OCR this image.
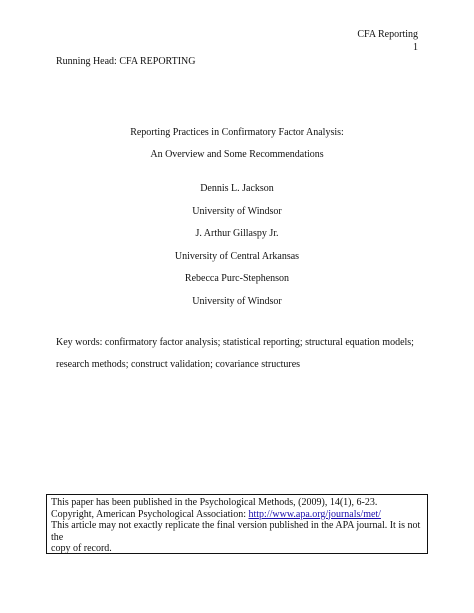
CFA Reporting
1
Running Head: CFA REPORTING
Reporting Practices in Confirmatory Factor Analysis:
An Overview and Some Recommendations
Dennis L. Jackson
University of Windsor
J. Arthur Gillaspy Jr.
University of Central Arkansas
Rebecca Purc-Stephenson
University of Windsor
Key words: confirmatory factor analysis; statistical reporting; structural equation models;
research methods; construct validation; covariance structures
This paper has been published in the Psychological Methods, (2009), 14(1), 6-23.
Copyright, American Psychological Association: http://www.apa.org/journals/met/
This article may not exactly replicate the final version published in the APA journal. It is not the
copy of record.
